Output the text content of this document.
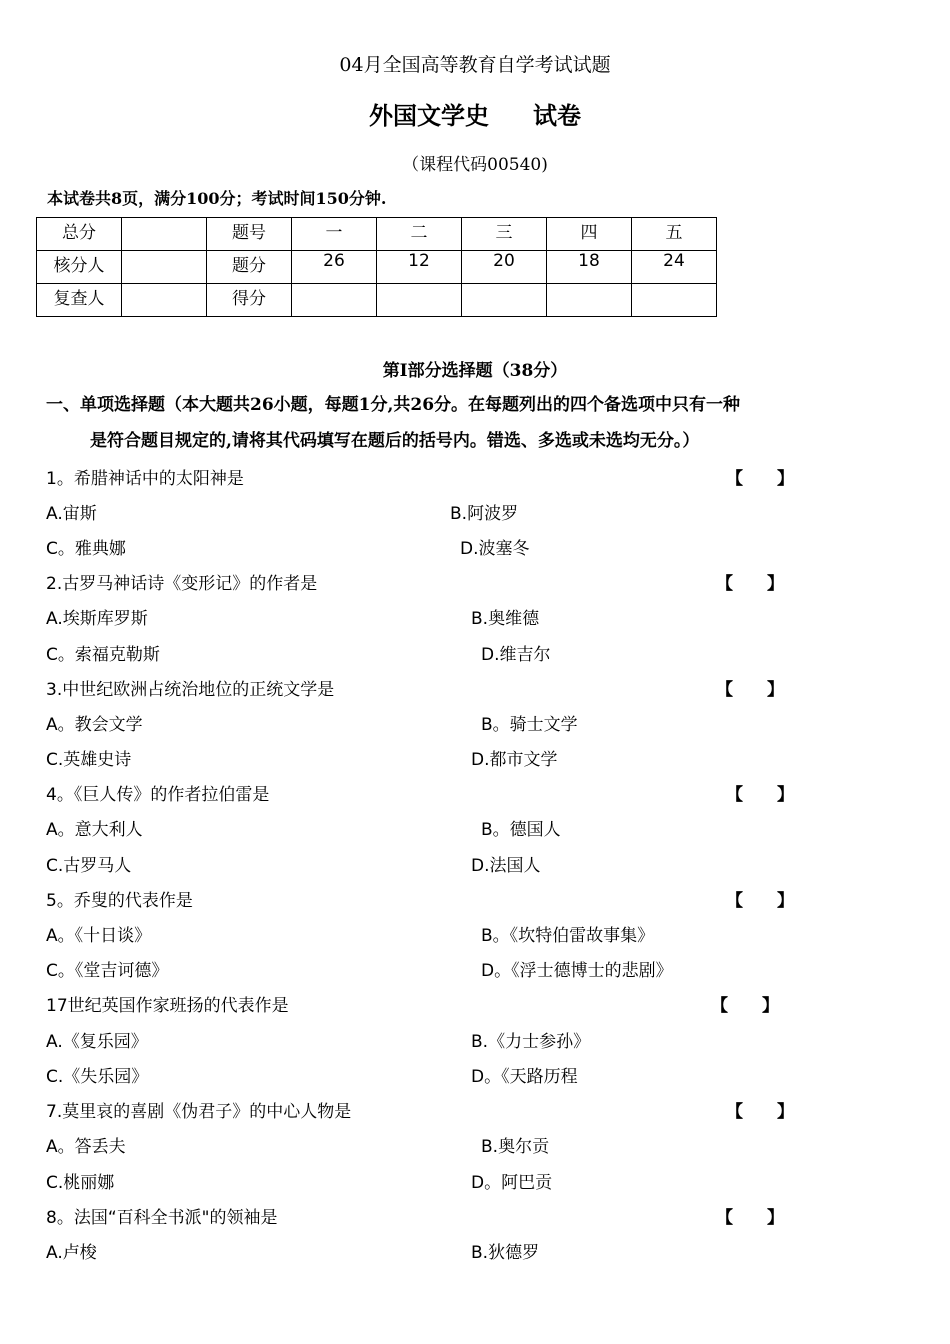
04月全国高等教育自学考试试题
外国文学史 试卷
（课程代码00540)
本试卷共8页，满分100分；考试时间150分钟.
总分		题号	一	二	三	四	五
核分人		题分	26	12	20	18	24
复查人		得分					
第Ⅰ部分选择题（38分）
一、单项选择题（本大题共26小题，每题1分,共26分。在每题列出的四个备选项中只有一种
是符合题目规定的,请将其代码填写在题后的括号内。错选、多选或未选均无分。）
1。希腊神话中的太阳神是	【　　】
A.宙斯	B.阿波罗
C。雅典娜	D.波塞冬
2.古罗马神话诗《变形记》的作者是	【　　】
A.埃斯库罗斯	B.奥维德
C。索福克勒斯	D.维吉尔
3.中世纪欧洲占统治地位的正统文学是	【　　】
A。教会文学	B。骑士文学
C.英雄史诗	D.都市文学
4。《巨人传》的作者拉伯雷是	【　　】
A。意大利人	B。德国人
C.古罗马人	D.法国人
5。乔叟的代表作是	【　　】
A。《十日谈》	B。《坎特伯雷故事集》
C。《堂吉诃德》	D。《浮士德博士的悲剧》
17世纪英国作家班扬的代表作是	【　　】
A.《复乐园》	B.《力士参孙》
C.《失乐园》	D。《天路历程
7.莫里哀的喜剧《伪君子》的中心人物是	【　　】
A。答丢夫	B.奥尔贡
C.桃丽娜	D。阿巴贡
8。法国“百科全书派"的领袖是	【　　】
A.卢梭	B.狄德罗
